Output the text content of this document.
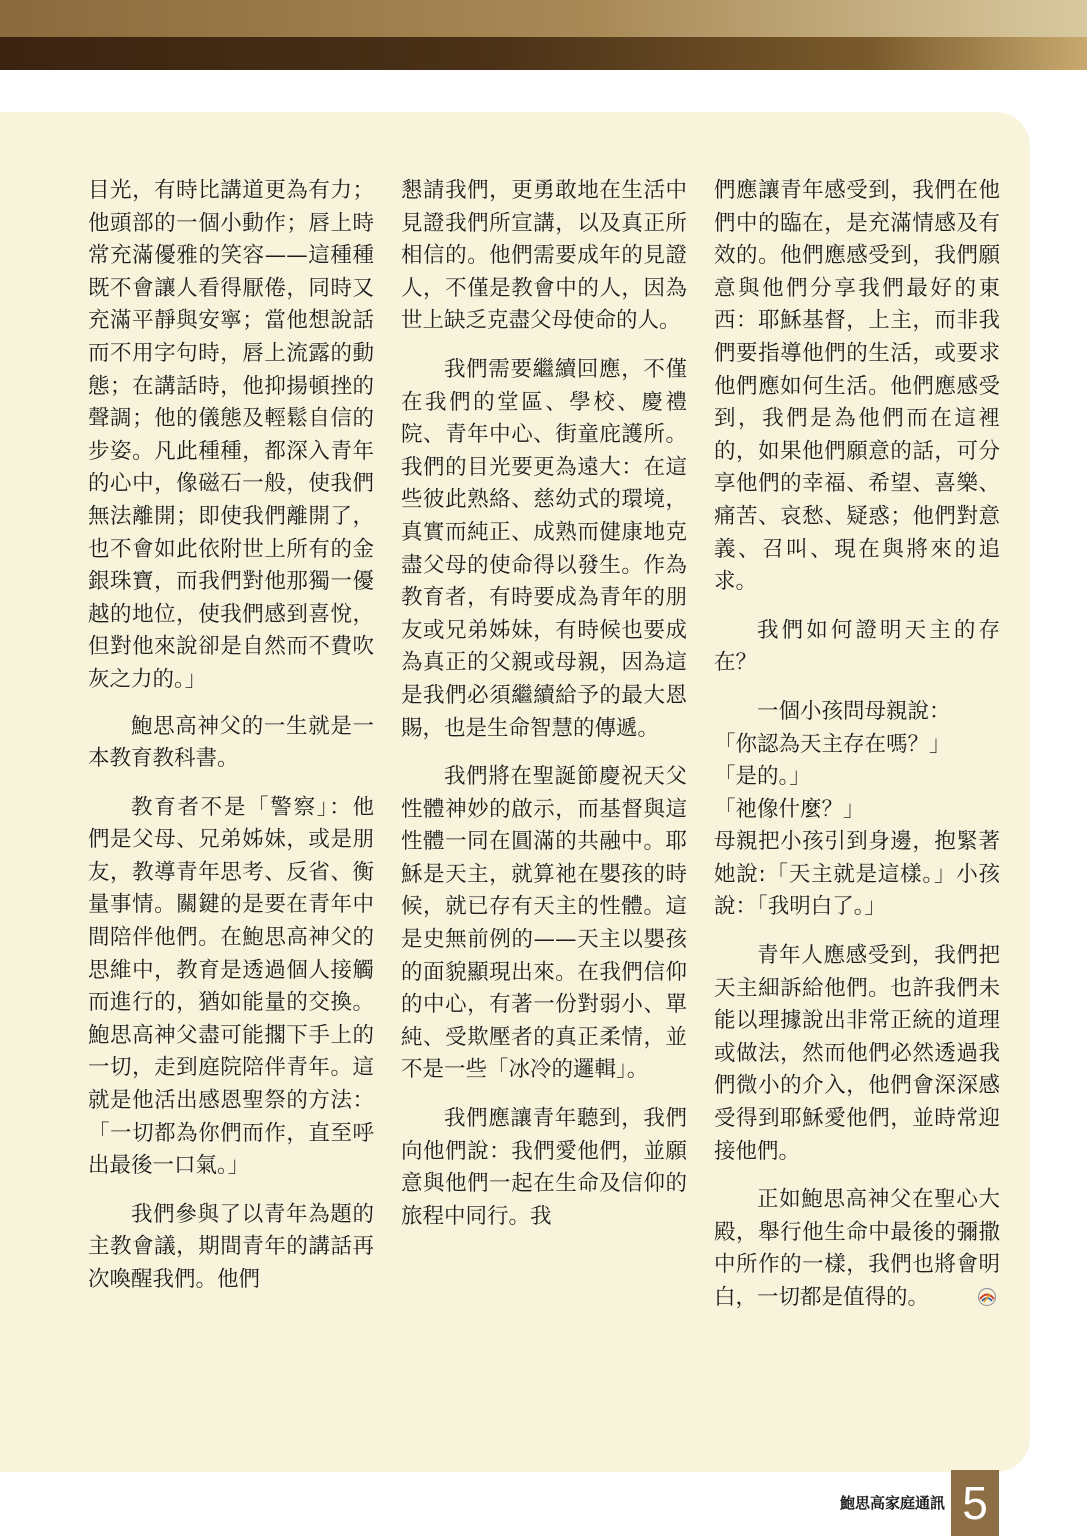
目光，有時比講道更為有力；他頭部的一個小動作；唇上時常充滿優雅的笑容——這種種既不會讓人看得厭倦，同時又充滿平靜與安寧；當他想說話而不用字句時，唇上流露的動態；在講話時，他抑揚頓挫的聲調；他的儀態及輕鬆自信的步姿。凡此種種，都深入青年的心中，像磁石一般，使我們無法離開；即使我們離開了，也不會如此依附世上所有的金銀珠寶，而我們對他那獨一優越的地位，使我們感到喜悅，但對他來說卻是自然而不費吹灰之力的。」

鮑思高神父的一生就是一本教育教科書。

教育者不是「警察」：他們是父母、兄弟姊妹，或是朋友，教導青年思考、反省、衡量事情。關鍵的是要在青年中間陪伴他們。在鮑思高神父的思維中，教育是透過個人接觸而進行的，猶如能量的交換。鮑思高神父盡可能擱下手上的一切，走到庭院陪伴青年。這就是他活出感恩聖祭的方法：「一切都為你們而作，直至呼出最後一口氣。」

我們參與了以青年為題的主教會議，期間青年的講話再次喚醒我們。他們

懇請我們，更勇敢地在生活中見證我們所宣講，以及真正所相信的。他們需要成年的見證人，不僅是教會中的人，因為世上缺乏克盡父母使命的人。

我們需要繼續回應，不僅在我們的堂區、學校、慶禮院、青年中心、街童庇護所。我們的目光要更為遠大：在這些彼此熟絡、慈幼式的環境，真實而純正、成熟而健康地克盡父母的使命得以發生。作為教育者，有時要成為青年的朋友或兄弟姊妹，有時候也要成為真正的父親或母親，因為這是我們必須繼續給予的最大恩賜，也是生命智慧的傳遞。

我們將在聖誕節慶祝天父性體神妙的啟示，而基督與這性體一同在圓滿的共融中。耶穌是天主，就算祂在嬰孩的時候，就已存有天主的性體。這是史無前例的——天主以嬰孩的面貌顯現出來。在我們信仰的中心，有著一份對弱小、單純、受欺壓者的真正柔情，並不是一些「冰冷的邏輯」。

我們應讓青年聽到，我們向他們說：我們愛他們，並願意與他們一起在生命及信仰的旅程中同行。我

們應讓青年感受到，我們在他們中的臨在，是充滿情感及有效的。他們應感受到，我們願意與他們分享我們最好的東西：耶穌基督，上主，而非我們要指導他們的生活，或要求他們應如何生活。他們應感受到，我們是為他們而在這裡的，如果他們願意的話，可分享他們的幸福、希望、喜樂、痛苦、哀愁、疑惑；他們對意義、召叫、現在與將來的追求。

我們如何證明天主的存在？

一個小孩問母親說：

「你認為天主存在嗎？」

「是的。」

「祂像什麼？」

母親把小孩引到身邊，抱緊著她說:「天主就是這樣。」小孩說：「我明白了。」

青年人應感受到，我們把天主細訴給他們。也許我們未能以理據說出非常正統的道理或做法，然而他們必然透過我們微小的介入，他們會深深感受得到耶穌愛他們，並時常迎接他們。

正如鮑思高神父在聖心大殿，舉行他生命中最後的彌撒中所作的一樣，我們也將會明白，一切都是值得的。

鮑思高家庭通訊 5
